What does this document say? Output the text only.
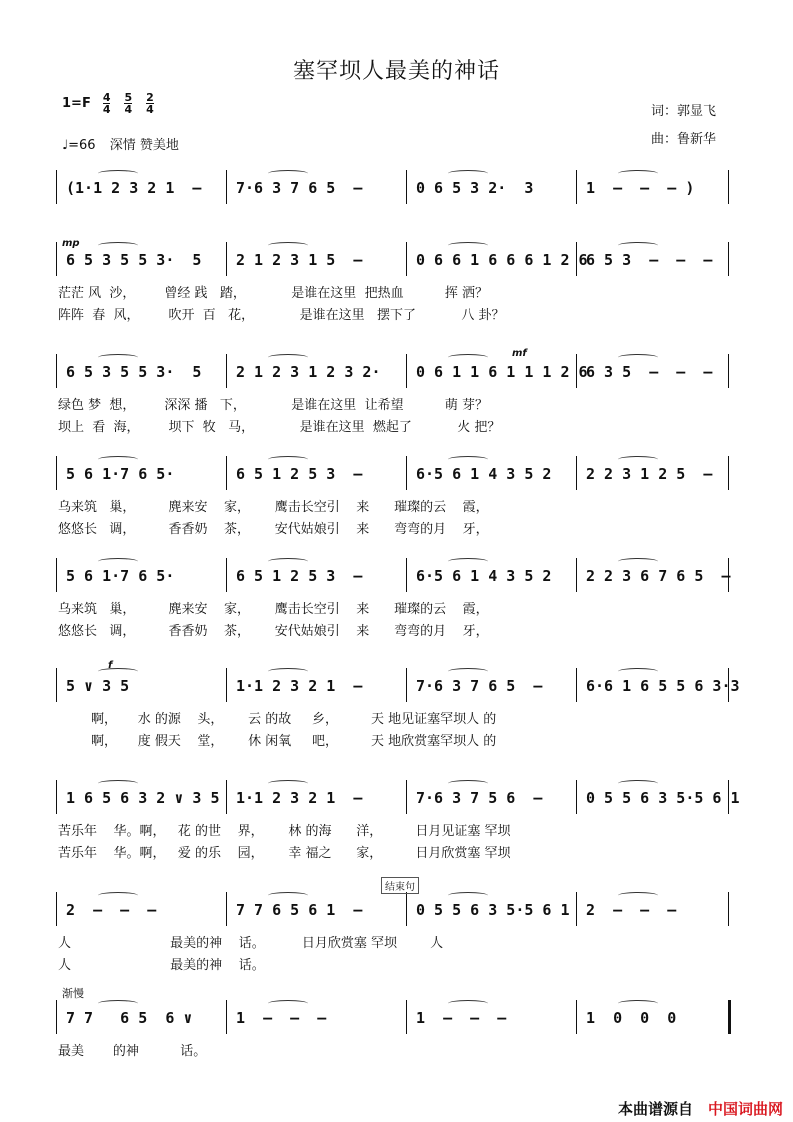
塞罕坝人最美的神话
1=F 4
4
5
4
2
4
♩=66 深情 赞美地
词：郭显飞
曲：鲁新华
(1·1 2 3 2 1  – 7·6 3 7 6 5  –	0 6 5 3 2·  3	1  –  –  – )
6 5 3 5 5 3·  5 2 1 2 3 1 5  –	0 6 6 1 6 6 6 1 2 6
6 5 3  –  –  –
茫茫 风  沙，       曾经 践   踏，           是谁在这里  把热血          挥 洒？
阵阵  春  风，       吹开  百   花，           是谁在这里   摆下了           八 卦？
6 5 3 5 5 3·  5 2 1 2 3 1 2 3 2· 0 6 1 1 6 1 1 1 2 6
6 3 5  –  –  –
绿色 梦  想，       深深 播   下，           是谁在这里  让希望          萌 芽？
坝上  看  海，       坝下  牧   马，           是谁在这里  燃起了           火 把？
5 6 1·7 6 5·	6 5 1 2 5 3  –	6·5 6 1 4 3 5 2 2 2 3 1 2 5  –
乌来筑   巢，        麂来安    家，      鹰击长空引    来      璀璨的云    霞，
悠悠长   调，        香香奶    茶，      安代姑娘引    来      弯弯的月    牙，
5 6 1·7 6 5·	6 5 1 2 5 3  –	6·5 6 1 4 3 5 2 2 2 3 6 7 6 5  –
乌来筑   巢，        麂来安    家，      鹰击长空引    来      璀璨的云    霞，
悠悠长   调，        香香奶    茶，      安代姑娘引    来      弯弯的月    牙，
5 ∨ 3 5	1·1 2 3 2 1  –	7·6 3 7 6 5  –	6·6 1 6 5 5 6 3·3
啊，     水 的源    头，      云 的故     乡，        天 地见证塞罕坝人 的
啊，     度 假天    堂，      休 闲氧     吧，        天 地欣赏塞罕坝人 的
1 6 5 6 3 2 ∨ 3 5 1·1 2 3 2 1  –	7·6 3 7 5 6  –	0 5 5 6 3 5·5 6 1
苦乐年    华。啊，   花 的世    界，      林 的海      洋，        日月见证塞 罕坝
苦乐年    华。啊，   爱 的乐    园，      幸 福之      家，        日月欣赏塞 罕坝
2  –  –  –	7 7 6 5 6 1  –	0 5 5 6 3 5·5 6 1 2  –  –  –
人                        最美的神    话。         日月欣赏塞 罕坝        人
人                        最美的神    话。
7 7   6 5  6 ∨	1  –  –  –	1  –  –  –	1  0  0  0
最美       的神          话。
mp
mf
f
结束句
渐慢
本曲谱源自 中国词曲网
